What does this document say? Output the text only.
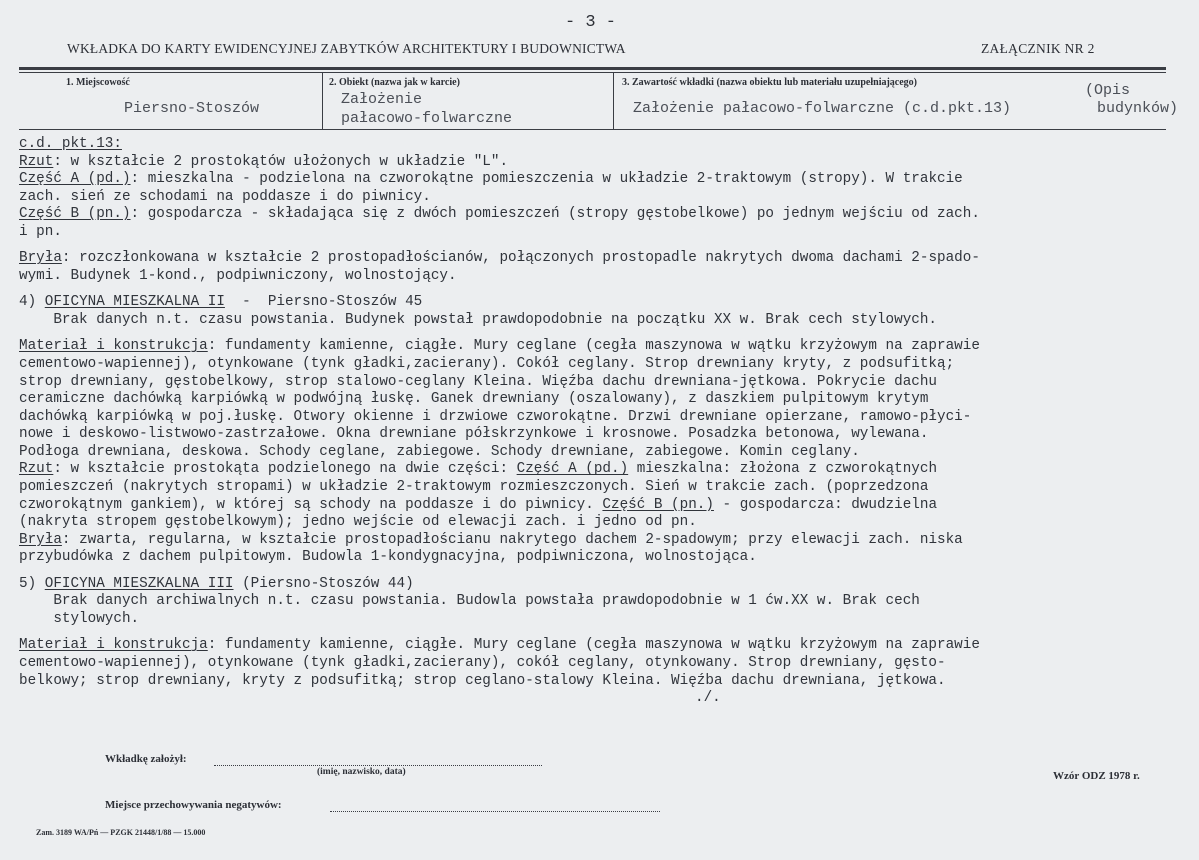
- 3 -
WKŁADKA DO KARTY EWIDENCYJNEJ ZABYTKÓW ARCHITEKTURY I BUDOWNICTWA	ZAŁĄCZNIK NR 2
1. Miejscowość
Piersno-Stoszów
2. Obiekt (nazwa jak w karcie)
Założenie
pałacowo-folwarczne
3. Zawartość wkładki (nazwa obiektu lub materiału uzupełniającego)
Założenie pałacowo-folwarczne (c.d.pkt.13)
(Opis
budynków)
c.d. pkt.13:
Rzut: w kształcie 2 prostokątów ułożonych w układzie "L".
Część A (pd.): mieszkalna - podzielona na czworokątne pomieszczenia w układzie 2-traktowym (stropy). W trakcie
zach. sień ze schodami na poddasze i do piwnicy.
Część B (pn.): gospodarcza - składająca się z dwóch pomieszczeń (stropy gęstobelkowe) po jednym wejściu od zach.
i pn.
Bryła: rozczłonkowana w kształcie 2 prostopadłościanów, połączonych prostopadle nakrytych dwoma dachami 2-spado-
wymi. Budynek 1-kond., podpiwniczony, wolnostojący.
4) OFICYNA MIESZKALNA II  -  Piersno-Stoszów 45
Brak danych n.t. czasu powstania. Budynek powstał prawdopodobnie na początku XX w. Brak cech stylowych.
Materiał i konstrukcja: fundamenty kamienne, ciągłe. Mury ceglane (cegła maszynowa w wątku krzyżowym na zaprawie
cementowo-wapiennej), otynkowane (tynk gładki,zacierany). Cokół ceglany. Strop drewniany kryty, z podsufitką;
strop drewniany, gęstobelkowy, strop stalowo-ceglany Kleina. Więźba dachu drewniana-jętkowa. Pokrycie dachu
ceramiczne dachówką karpiówką w podwójną łuskę. Ganek drewniany (oszalowany), z daszkiem pulpitowym krytym
dachówką karpiówką w poj.łuskę. Otwory okienne i drzwiowe czworokątne. Drzwi drewniane opierzane, ramowo-płyci-
nowe i deskowo-listwowo-zastrzałowe. Okna drewniane półskrzynkowe i krosnowe. Posadzka betonowa, wylewana.
Podłoga drewniana, deskowa. Schody ceglane, zabiegowe. Schody drewniane, zabiegowe. Komin ceglany.
Rzut: w kształcie prostokąta podzielonego na dwie części: Część A (pd.) mieszkalna: złożona z czworokątnych
pomieszczeń (nakrytych stropami) w układzie 2-traktowym rozmieszczonych. Sień w trakcie zach. (poprzedzona
czworokątnym gankiem), w której są schody na poddasze i do piwnicy. Część B (pn.) - gospodarcza: dwudzielna
(nakryta stropem gęstobelkowym); jedno wejście od elewacji zach. i jedno od pn.
Bryła: zwarta, regularna, w kształcie prostopadłościanu nakrytego dachem 2-spadowym; przy elewacji zach. niska
przybudówka z dachem pulpitowym. Budowla 1-kondygnacyjna, podpiwniczona, wolnostojąca.
5) OFICYNA MIESZKALNA III (Piersno-Stoszów 44)
Brak danych archiwalnych n.t. czasu powstania. Budowla powstała prawdopodobnie w 1 ćw.XX w. Brak cech
stylowych.
Materiał i konstrukcja: fundamenty kamienne, ciągłe. Mury ceglane (cegła maszynowa w wątku krzyżowym na zaprawie
cementowo-wapiennej), otynkowane (tynk gładki,zacierany), cokół ceglany, otynkowany. Strop drewniany, gęsto-
belkowy; strop drewniany, kryty z podsufitką; strop ceglano-stalowy Kleina. Więźba dachu drewniana, jętkowa.
./.
Wkładkę założył:
(imię, nazwisko, data)	Wzór ODZ 1978 r.
Miejsce przechowywania negatywów:
Zam. 3189 WA/Pń — PZGK 21448/1/88 — 15.000
